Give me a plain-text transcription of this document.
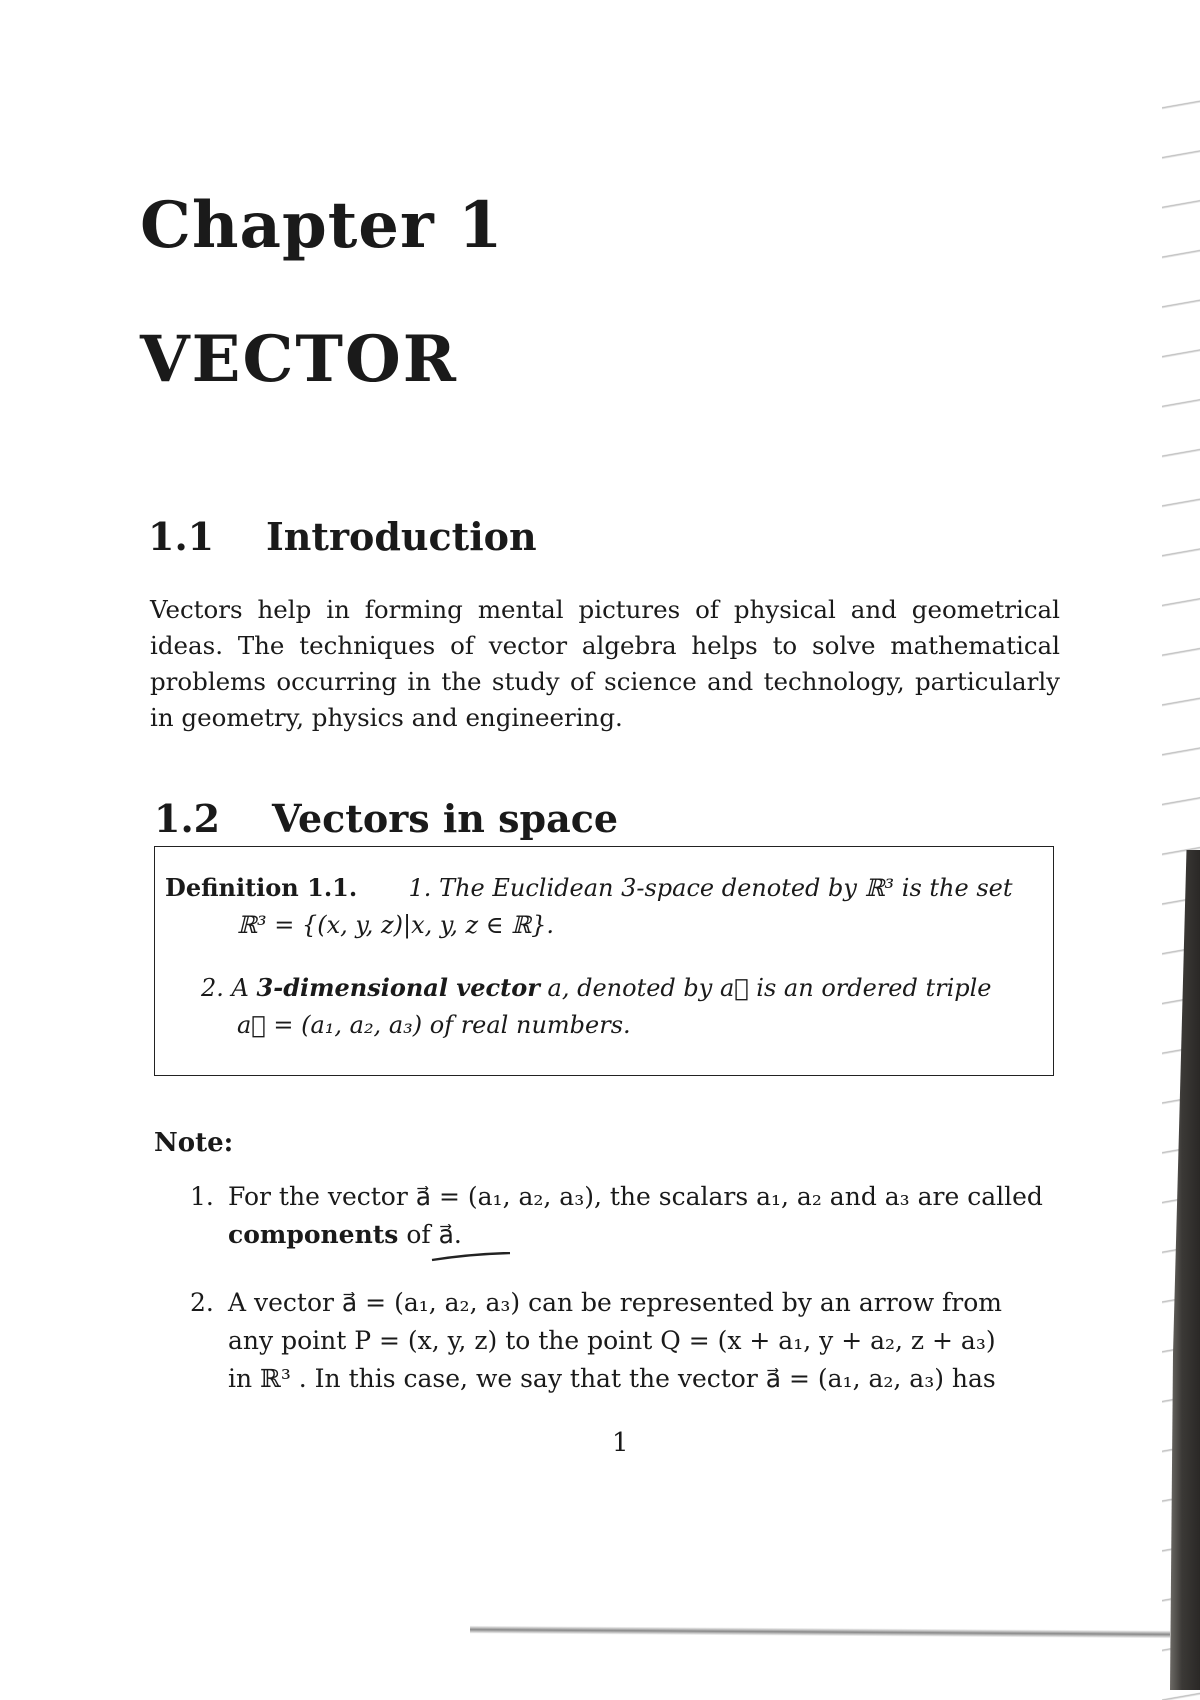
Chapter 1
VECTOR
1.1 Introduction
Vectors help in forming mental pictures of physical and geometrical ideas. The techniques of vector algebra helps to solve mathematical problems occurring in the study of science and technology, particularly in geometry, physics and engineering.
1.2 Vectors in space
Definition 1.1. 1. The Euclidean 3-space denoted by ℝ³ is the set
ℝ³ = {(x, y, z)|x, y, z ∈ ℝ}.
2. A 3-dimensional vector a, denoted by a⃗ is an ordered triple
a⃗ = (a₁, a₂, a₃) of real numbers.
Note:
1. For the vector a⃗ = (a₁, a₂, a₃), the scalars a₁, a₂ and a₃ are called
components of a⃗.
2. A vector a⃗ = (a₁, a₂, a₃) can be represented by an arrow from
any point P = (x, y, z) to the point Q = (x + a₁, y + a₂, z + a₃)
in ℝ³ . In this case, we say that the vector a⃗ = (a₁, a₂, a₃) has
1
